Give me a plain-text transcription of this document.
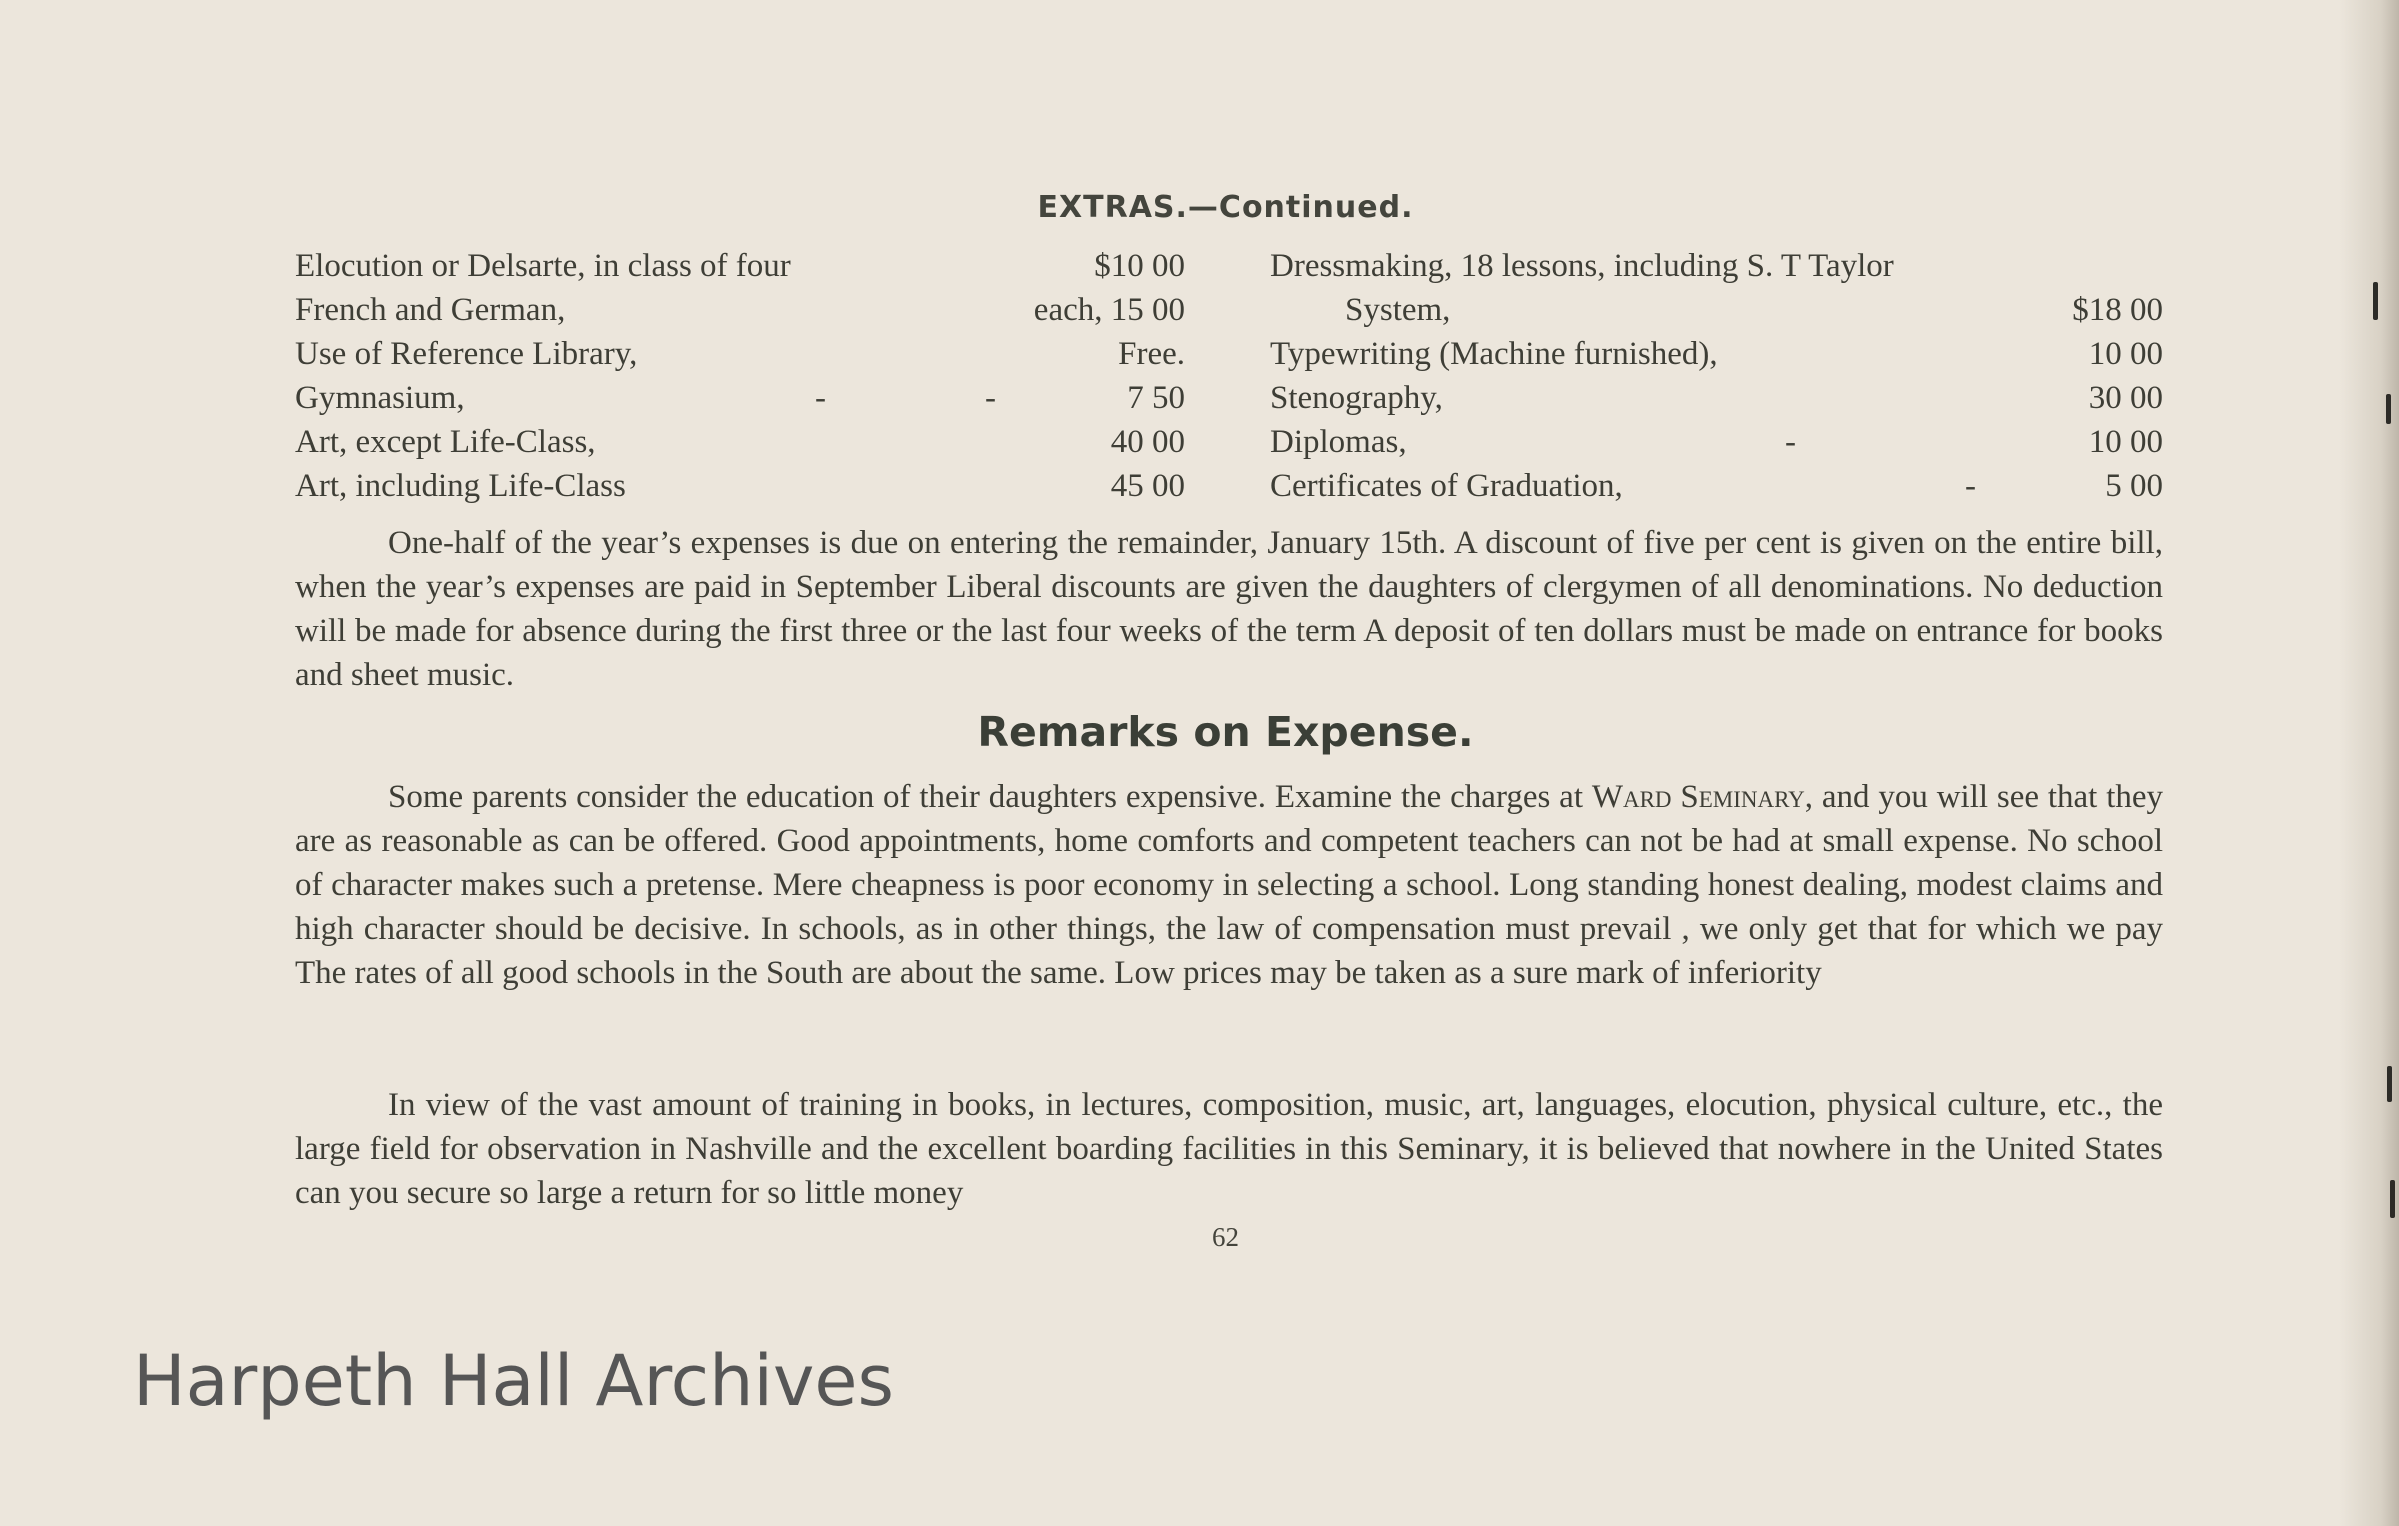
EXTRAS.—Continued.
Elocution or Delsarte, in class of four	$10 00
French and German,	each, 15 00
Use of Reference Library,	Free.
Gymnasium,	-	-	7 50
Art, except Life-Class,	40 00
Art, including Life-Class	45 00
Dressmaking, 18 lessons, including S. T Taylor
System,	$18 00
Typewriting (Machine furnished),	10 00
Stenography,	30 00
Diplomas,	-	10 00
Certificates of Graduation,	-	5 00

One-half of the year’s expenses is due on entering the remainder, January 15th. A discount of five per cent is given on the entire bill, when the year’s expenses are paid in September Liberal discounts are given the daughters of clergymen of all denominations. No deduction will be made for absence during the first three or the last four weeks of the term A deposit of ten dollars must be made on entrance for books and sheet music.

Remarks on Expense.

Some parents consider the education of their daughters expensive. Examine the charges at Ward Seminary, and you will see that they are as reasonable as can be offered. Good appointments, home comforts and competent teachers can not be had at small expense. No school of character makes such a pretense. Mere cheapness is poor economy in selecting a school. Long standing honest dealing, modest claims and high character should be decisive. In schools, as in other things, the law of compensation must prevail , we only get that for which we pay The rates of all good schools in the South are about the same. Low prices may be taken as a sure mark of inferiority

In view of the vast amount of training in books, in lectures, composition, music, art, languages, elocution, physical culture, etc., the large field for observation in Nashville and the excellent boarding facilities in this Seminary, it is believed that nowhere in the United States can you secure so large a return for so little money

62
Harpeth Hall Archives
